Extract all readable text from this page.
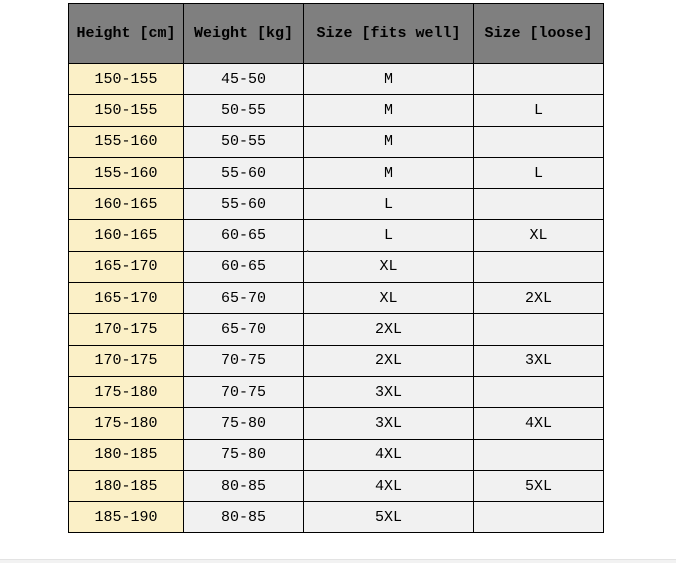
Height [cm]	Weight [kg]	Size [fits well]	Size [loose]
150-155	45-50	M	
150-155	50-55	M	L
155-160	50-55	M	
155-160	55-60	M	L
160-165	55-60	L	
160-165	60-65	L	XL
165-170	60-65	XL	
165-170	65-70	XL	2XL
170-175	65-70	2XL	
170-175	70-75	2XL	3XL
175-180	70-75	3XL	
175-180	75-80	3XL	4XL
180-185	75-80	4XL	
180-185	80-85	4XL	5XL
185-190	80-85	5XL	
.
